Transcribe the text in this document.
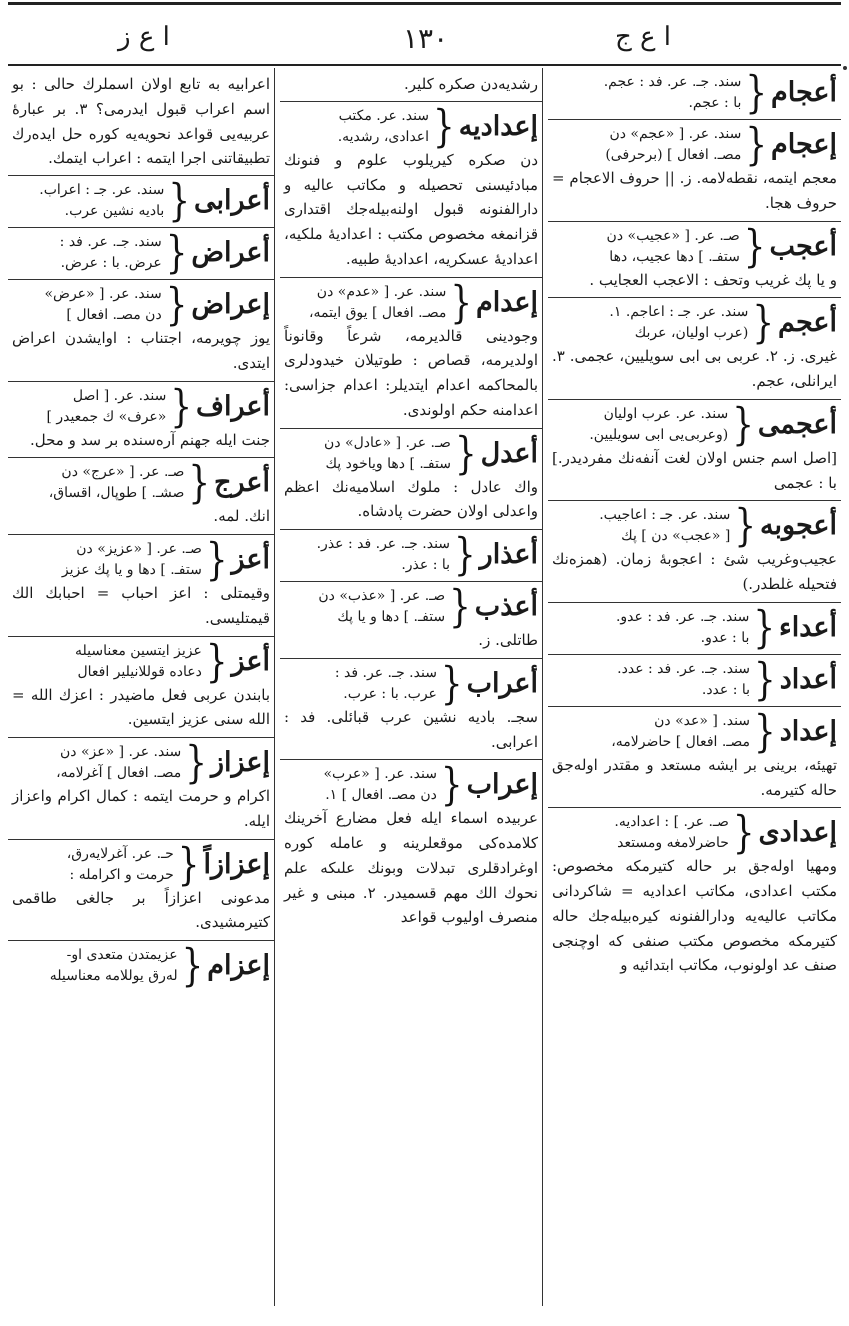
ا ع ز	١٣٠	ا ع ج
أعجام
{
سند. جـ. عر. فد : عجم.
با : عجم.
إعجام
{
سند. عر. [ «عجم» دن
مصـ. افعال ] (برحرفى)
معجم ايتمه، نقطه‌لامه. ز. || حروف الاعجام = حروف هجا.
أعجب
{
صـ. عر. [ «عجيب» دن
ستفـ. ] دها عجيب، دها
و يا پك غريب وتحف : الاعجب العجايب .
أعجم
{
سند. عر. جـ : اعاجم. ١.
(عرب اوليان، عربك
غيرى. ز. ٢. عربى بى ابى سويليين، عجمى. ٣. ايرانلى، عجم.
أعجمى
{
سند. عر. عرب اوليان
(وعربى‌يى ابى سويليين.
[اصل اسم جنس اولان لغت آنفه‌نك مفرديدر.] با : عجمى
أعجوبه
{
سند. عر. جـ : اعاجيب.
[ «عجب» دن ] پك
عجيب‌وغريب شئ : اعجوبۀ زمان. (همزه‌نك فتحيله غلطدر.)
أعداء
{
سند. جـ. عر. فد : عدو.
با : عدو.
أعداد
{
سند. جـ. عر. فد : عدد.
با : عدد.
إعداد
{
سند. [ «عد» دن
مصـ. افعال ] حاضرلامه،
تهيئه، برينى بر ايشه مستعد و مقتدر اوله‌جق حاله كتيرمه.
إعدادى
{
صـ. عر. ] : اعداديه.
حاضرلامغه ومستعد
ومهيا اوله‌جق بر حاله كتيرمكه مخصوص: مكتب اعدادى، مكاتب اعداديه = شاكردانى مكاتب عاليه‌يه ودارالفنونه كيره‌بيله‌جك حاله كتيرمكه مخصوص مكتب صنفى كه اوچنجى صنف عد اولونوب، مكاتب ابتدائيه و
رشديه‌دن صكره كلير.
إعداديه
{
سند. عر. مكتب
اعدادى، رشديه.
دن صكره كيريلوب علوم و فنونك مبادئيسنى تحصيله و مكاتب عاليه و دارالفنونه قبول اولنه‌بيله‌جك اقتدارى قزانمغه مخصوص مكتب : اعداديۀ ملكيه، اعداديۀ عسكريه، اعداديۀ طبيه.
إعدام
{
سند. عر. [ «عدم» دن
مصـ. افعال ] يوق ايتمه،
وجودينى قالديرمه، شرعاً وقانوناً اولديرمه، قصاص : طوتيلان خيدودلرى بالمحاكمه اعدام ايتديلر: اعدام جزاسى: اعدامنه حكم اولوندى.
أعدل
{
صـ. عر. [ «عادل» دن
ستفـ. ] دها وياخود پك
واك عادل : ملوك اسلاميه‌نك اعظم واعدلى اولان حضرت پادشاه.
أعذار
{
سند. جـ. عر. فد : عذر.
با : عذر.
أعذب
{
صـ. عر. [ «عذب» دن
ستفـ. ] دها و يا پك
طاتلى. ز.
أعراب
{
سند. جـ. عر. فد :
عرب. با : عرب.
سجـ. باديه نشين عرب قبائلى. فد : اعرابى.
إعراب
{
سند. عر. [ «عرب»
دن مصـ. افعال ] ١.
عربيده اسماء ايله فعل مضارع آخرينك كلامده‌كى موقعلرينه و عامله كوره اوغرادقلرى تبدلات وبونك علىكه علم نحوك الك مهم قسميدر. ٢. مبنى و غير منصرف اوليوب قواعد
اعرابيه به تابع اولان اسملرك حالى : بو اسم اعراب قبول ايدرمى؟ ٣. بر عبارۀ عربيه‌يى قواعد نحويه‌يه كوره حل ايده‌رك تطبيقاتنى اجرا ايتمه : اعراب ايتمك.
أعرابى
{
سند. عر. جـ : اعراب.
باديه نشين عرب.
أعراض
{
سند. جـ. عر. فد :
عرض. با : عرض.
إعراض
{
سند. عر. [ «عرض»
دن مصـ. افعال ]
يوز چويرمه، اجتناب : اوايشدن اعراض ايتدى.
أعراف
{
سند. عر. [ اصل
«عرف» ك جمعيدر ]
جنت ايله جهنم آره‌سنده بر سد و محل.
أعرج
{
صـ. عر. [ «عرج» دن
صشـ. ] طوپال، اقساق،
انك. لمه.
أعز
{
صـ. عر. [ «عزيز» دن
ستفـ. ] دها و يا پك عزيز
وقيمتلى : اعز احباب = احبابك الك قيمتليسى.
أعز
{
عزيز ايتسين معناسيله
دعاده قوللانيلير افعال
بابندن عربى فعل ماضيدر : اعزك الله = الله سنى عزيز ايتسين.
إعزاز
{
سند. عر. [ «عز» دن
مصـ. افعال ] آغرلامه،
اكرام و حرمت ايتمه : كمال اكرام واعزاز ايله.
إعزازاً
{
حـ. عر. آغرلايه‌رق،
حرمت و اكرامله :
مدعونى اعزازاً بر جالغى طاقمى كتيرمشيدى.
إعزام
{
عزيمتدن متعدى او-
له‌رق يوللامه معناسيله
